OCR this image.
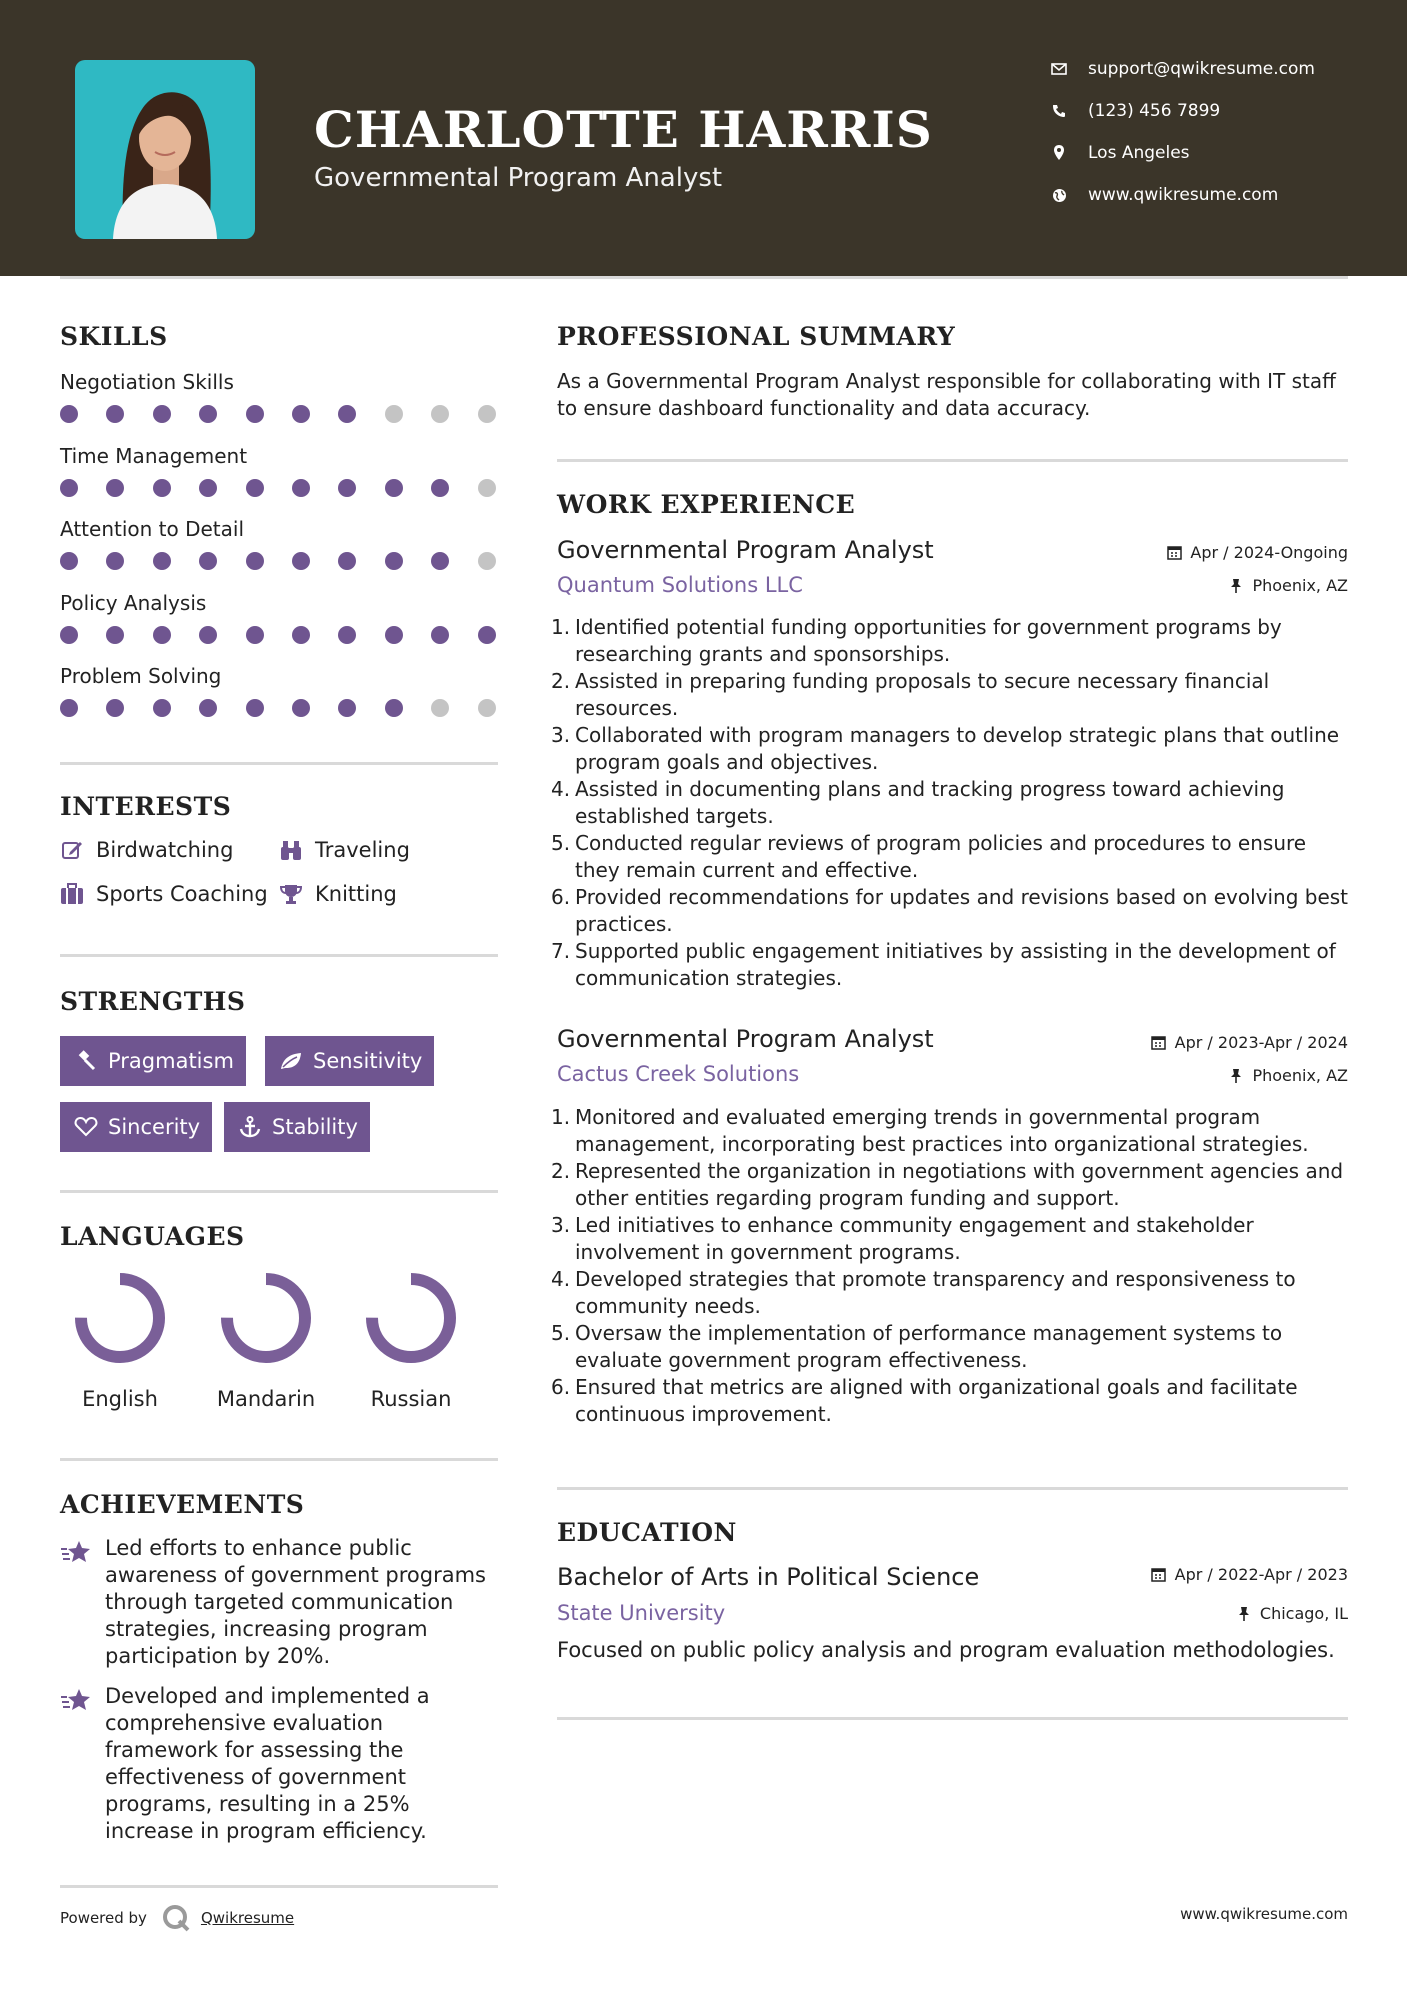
CHARLOTTE HARRIS
Governmental Program Analyst
support@qwikresume.com
(123) 456 7899
Los Angeles
www.qwikresume.com
SKILLS
Negotiation Skills
Time Management
Attention to Detail
Policy Analysis
Problem Solving
INTERESTS
Birdwatching	Traveling
Sports Coaching Knitting
STRENGTHS
Pragmatism	Sensitivity
Sincerity	Stability
LANGUAGES
English	Mandarin	Russian
ACHIEVEMENTS
Led efforts to enhance public awareness of government programs through targeted communication strategies, increasing program participation by 20%.
Developed and implemented a comprehensive evaluation framework for assessing the effectiveness of government programs, resulting in a 25% increase in program efficiency.
PROFESSIONAL SUMMARY
As a Governmental Program Analyst responsible for collaborating with IT staff to ensure dashboard functionality and data accuracy.
WORK EXPERIENCE
Governmental Program Analyst
Quantum Solutions LLC
Apr / 2024-Ongoing
Phoenix, AZ
1. Identified potential funding opportunities for government programs by researching grants and sponsorships.
2. Assisted in preparing funding proposals to secure necessary financial resources.
3. Collaborated with program managers to develop strategic plans that outline program goals and objectives.
4. Assisted in documenting plans and tracking progress toward achieving established targets.
5. Conducted regular reviews of program policies and procedures to ensure they remain current and effective.
6. Provided recommendations for updates and revisions based on evolving best practices.
7. Supported public engagement initiatives by assisting in the development of communication strategies.
Governmental Program Analyst
Cactus Creek Solutions
Apr / 2023-Apr / 2024
Phoenix, AZ
1. Monitored and evaluated emerging trends in governmental program management, incorporating best practices into organizational strategies.
2. Represented the organization in negotiations with government agencies and other entities regarding program funding and support.
3. Led initiatives to enhance community engagement and stakeholder involvement in government programs.
4. Developed strategies that promote transparency and responsiveness to community needs.
5. Oversaw the implementation of performance management systems to evaluate government program effectiveness.
6. Ensured that metrics are aligned with organizational goals and facilitate continuous improvement.
EDUCATION
Bachelor of Arts in Political Science
State University
Apr / 2022-Apr / 2023
Chicago, IL
Focused on public policy analysis and program evaluation methodologies.
Powered by	Qwikresume	www.qwikresume.com
